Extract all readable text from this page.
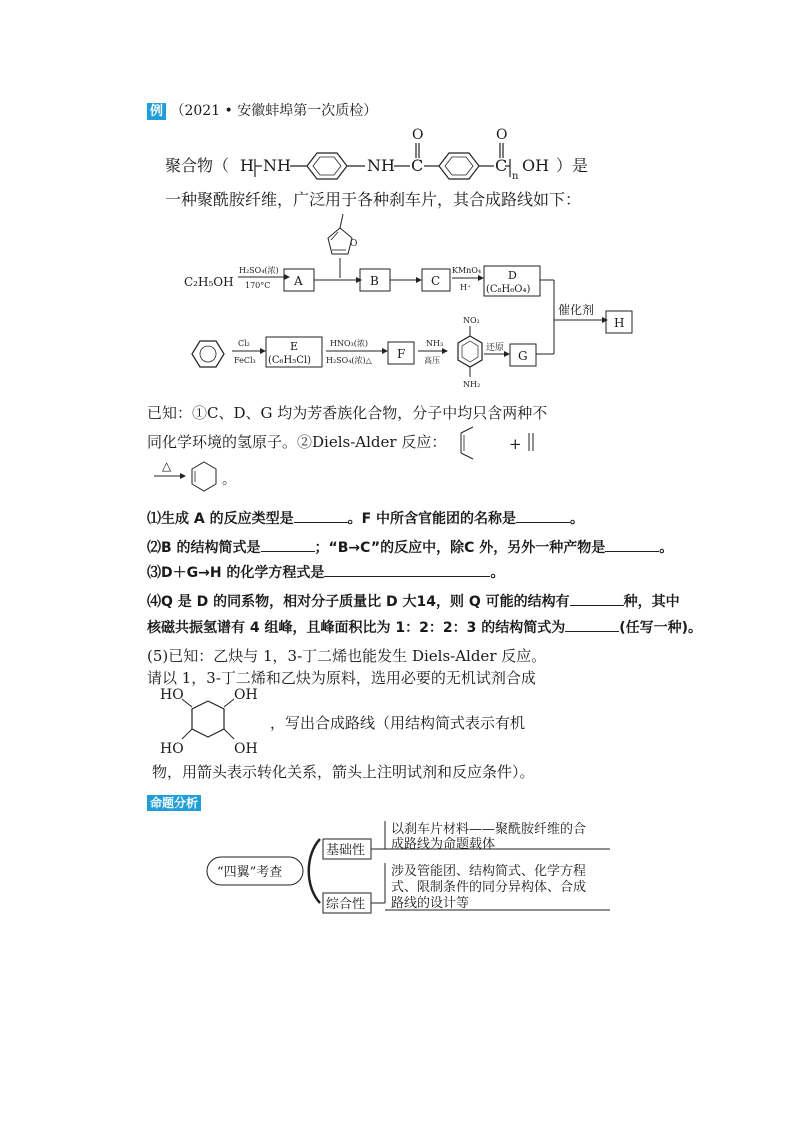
例 （2021 • 安徽蚌埠第一次质检）
聚合物（ H NH	NH C
O
C
O
n
OH ）是
一种聚酰胺纤维，广泛用于各种刹车片，其合成路线如下：
O
C₂H₅OH
H₂SO₄(浓)
170°C A	B	C
KMnO₄
H⁺
D
(C₈H₆O₄)
催化剂
H
Cl₂
FeCl₃
E
(C₆H₅Cl)
HNO₃(浓)
H₂SO₄(浓)△ F
NH₃
高压
NO₂
NH₂
还原
G
已知：①C、D、G 均为芳香族化合物，分子中均只含两种不
同化学环境的氢原子。②Diels-Alder 反应：	+
△
。
⑴生成 A 的反应类型是	。F 中所含官能团的名称是	。
⑵B 的结构简式是	；“B→C”的反应中，除C 外，另外一种产物是	。
⑶D＋G→H 的化学方程式是	。
⑷Q 是 D 的同系物，相对分子质量比 D 大14，则 Q 可能的结构有	种，其中
核磁共振氢谱有 4 组峰，且峰面积比为 1：2：2：3 的结构简式为	(任写一种)。
(5)已知：乙炔与 1，3-丁二烯也能发生 Diels-Alder 反应。
请以 1，3-丁二烯和乙炔为原料，选用必要的无机试剂合成
HO	OH
HO	OH
，写出合成路线（用结构简式表示有机
物，用箭头表示转化关系，箭头上注明试剂和反应条件）。
命题分析
“四翼”考查
基础性
以刹车片材料——聚酰胺纤维的合
成路线为命题载体
综合性
涉及管能团、结构简式、化学方程
式、限制条件的同分异构体、合成
路线的设计等
